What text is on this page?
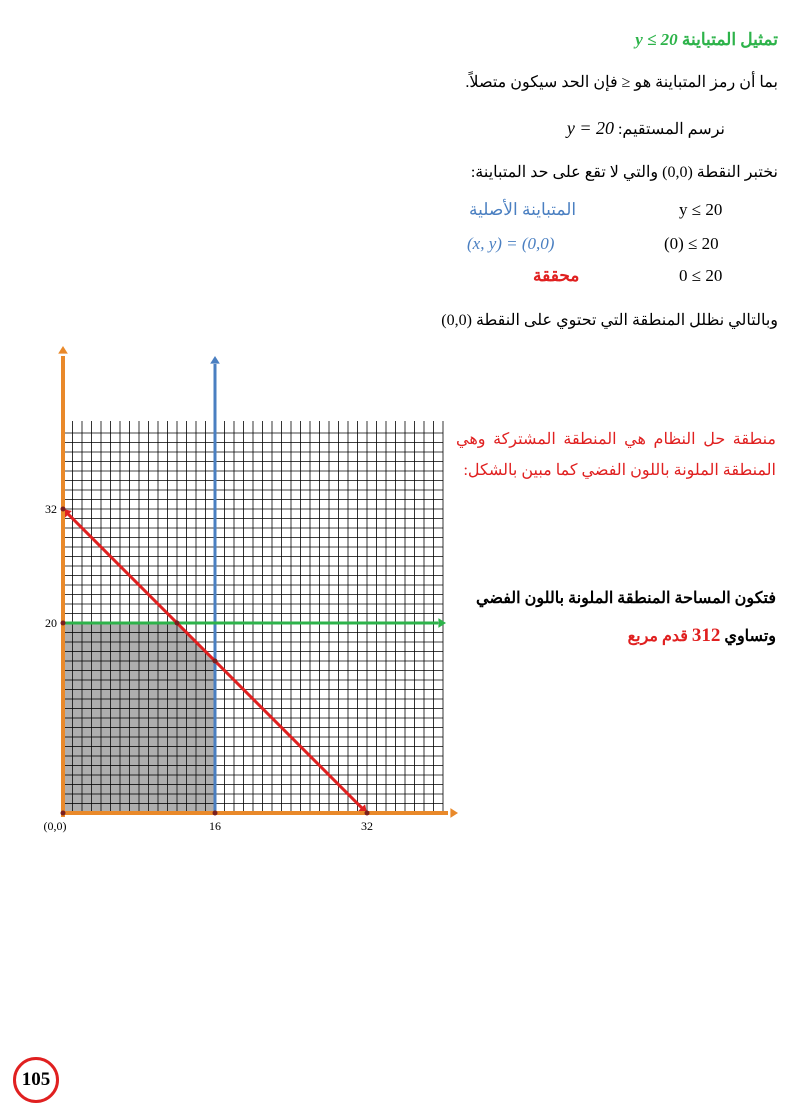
تمثيل المتباينة y ≤ 20
بما أن رمز المتباينة هو ≤ فإن الحد سيكون متصلاً.
نرسم المستقيم: y = 20
نختبر النقطة (0,0) والتي لا تقع على حد المتباينة:
y ≤ 20
المتباينة الأصلية
(0) ≤ 20
(x, y) = (0,0)
0 ≤ 20
محققة
وبالتالي نظلل المنطقة التي تحتوي على النقطة (0,0)
منطقة حل النظام هي المنطقة المشتركة وهي المنطقة الملونة باللون الفضي كما مبين بالشكل:
فتكون المساحة المنطقة الملونة باللون الفضي
وتساوي 312 قدم مربع
(0,0)	16	32
32
20
105
